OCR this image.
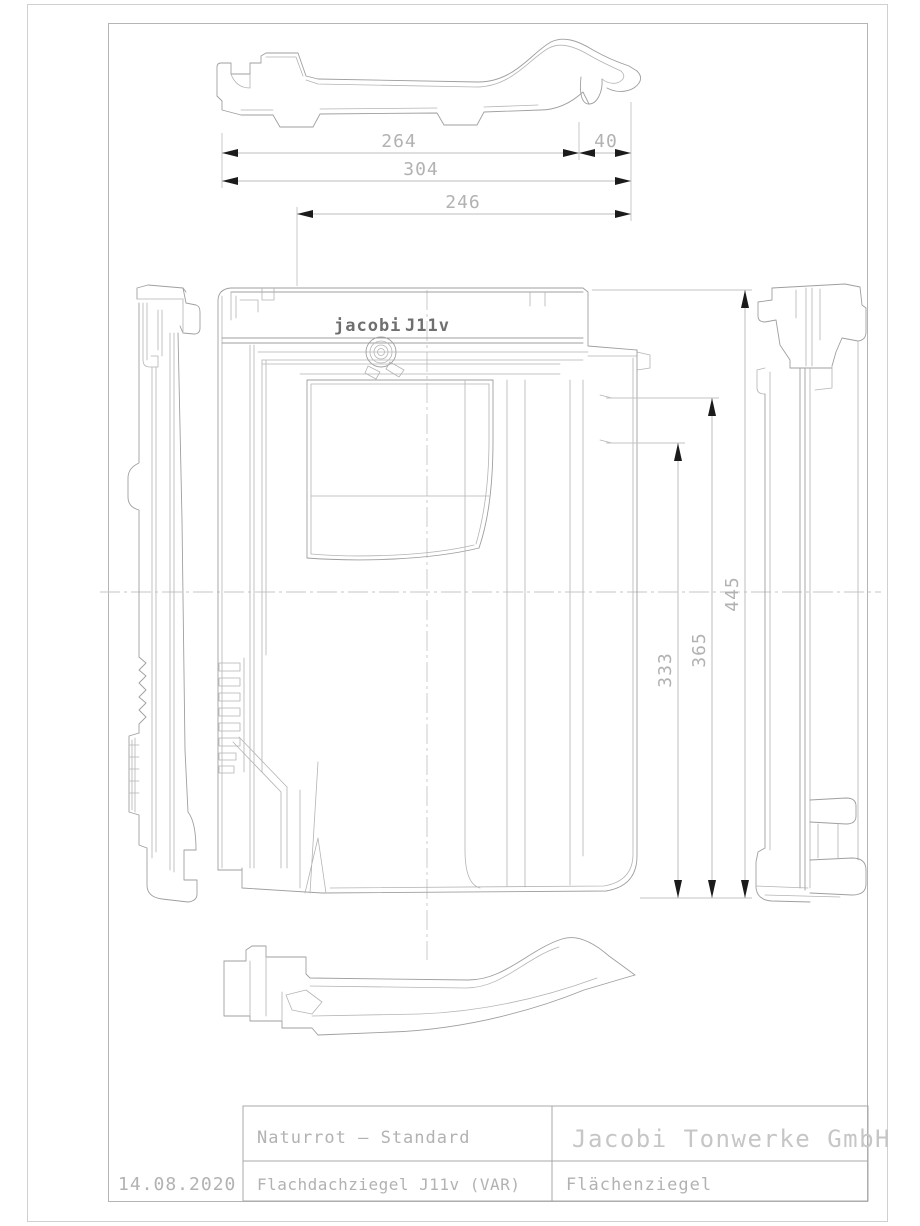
jacobi J11v
264	40
304
246
333
365
445
14.08.2020
Naturrot – Standard
Flachdachziegel J11v (VAR)
Jacobi Tonwerke GmbH
Flächenziegel
